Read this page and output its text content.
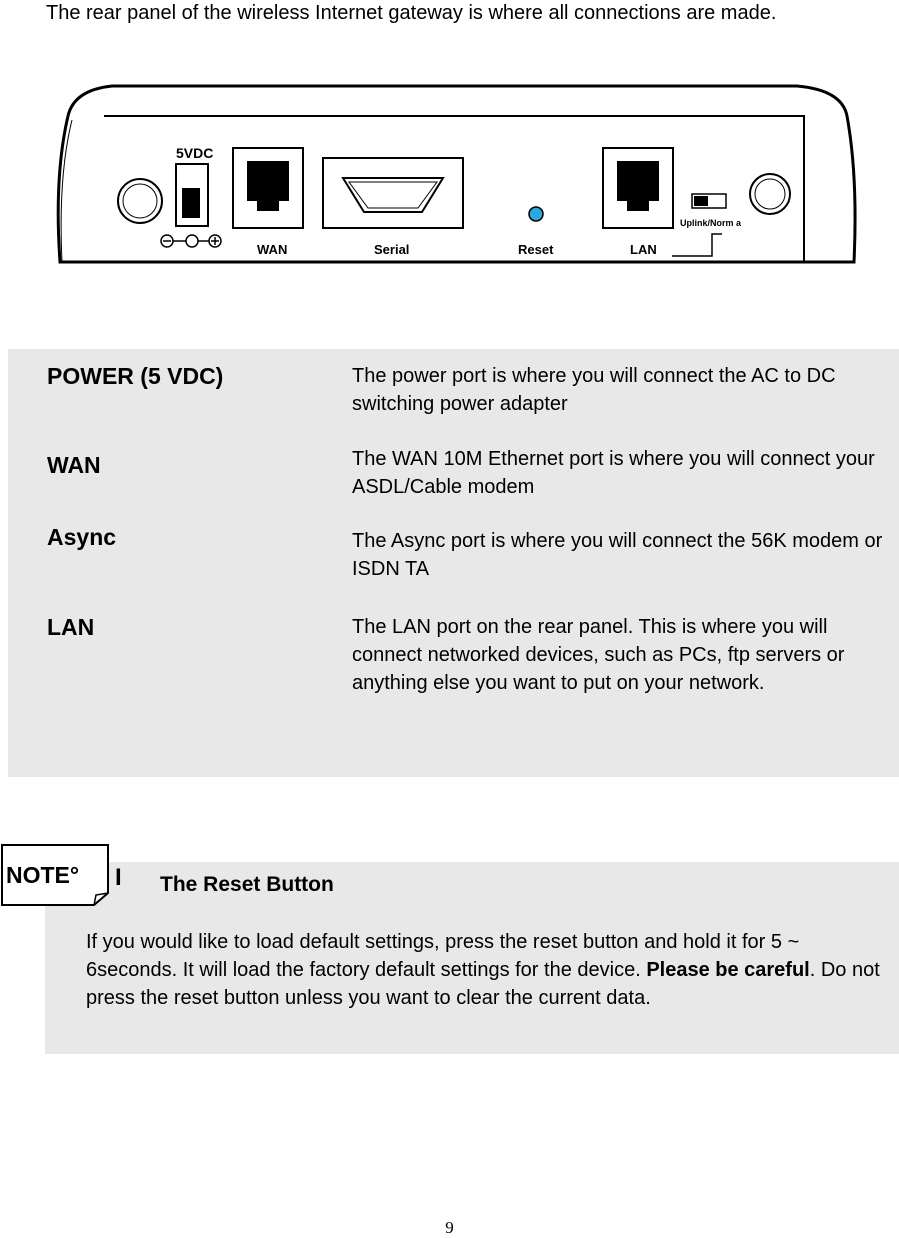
The rear panel of the wireless Internet gateway is where all connections are made.
5VDC
WAN	Serial	Reset	LAN
Uplink/Norm a
POWER (5 VDC)	The power port is where you will connect the AC to DC switching power adapter
WAN	The WAN 10M Ethernet port is where you will connect your ASDL/Cable modem
Async	The Async port is where you will connect the 56K modem or ISDN TA
LAN	The LAN port on the rear panel. This is where you will connect networked devices, such as PCs, ftp servers or anything else you want to put on your network.
NOTE° I The Reset Button
If you would like to load default settings, press the reset button and hold it for 5 ~ 6seconds. It will load the factory default settings for the device. Please be careful. Do not press the reset button unless you want to clear the current data.
9
